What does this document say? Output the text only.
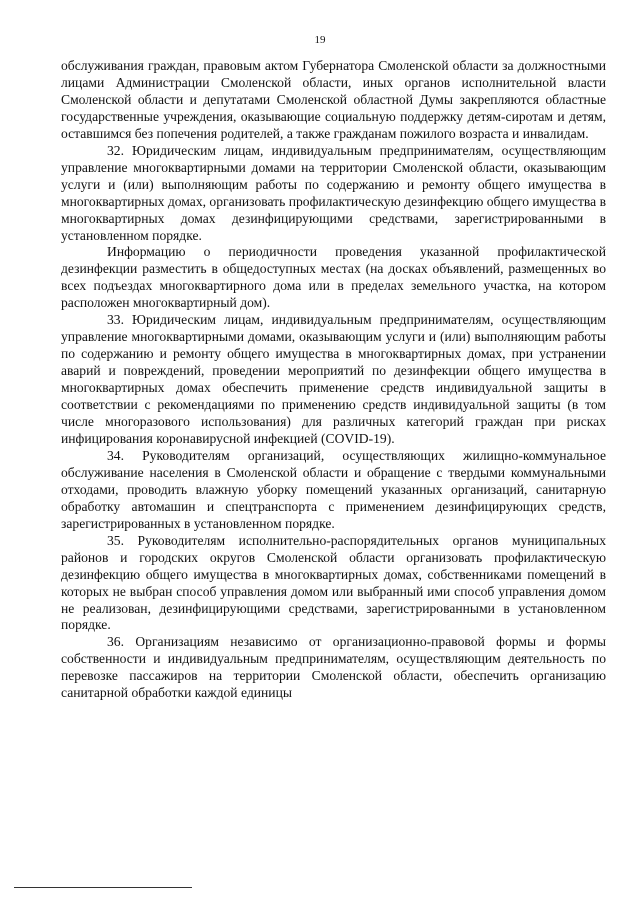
19

обслуживания граждан, правовым актом Губернатора Смоленской области за должностными лицами Администрации Смоленской области, иных органов исполнительной власти Смоленской области и депутатами Смоленской областной Думы закрепляются областные государственные учреждения, оказывающие социальную поддержку детям-сиротам и детям, оставшимся без попечения родителей, а также гражданам пожилого возраста и инвалидам.

32. Юридическим лицам, индивидуальным предпринимателям, осуществляющим управление многоквартирными домами на территории Смоленской области, оказывающим услуги и (или) выполняющим работы по содержанию и ремонту общего имущества в многоквартирных домах, организовать профилактическую дезинфекцию общего имущества в многоквартирных домах дезинфицирующими средствами, зарегистрированными в установленном порядке.

Информацию о периодичности проведения указанной профилактической дезинфекции разместить в общедоступных местах (на досках объявлений, размещенных во всех подъездах многоквартирного дома или в пределах земельного участка, на котором расположен многоквартирный дом).

33. Юридическим лицам, индивидуальным предпринимателям, осуществляющим управление многоквартирными домами, оказывающим услуги и (или) выполняющим работы по содержанию и ремонту общего имущества в многоквартирных домах, при устранении аварий и повреждений, проведении мероприятий по дезинфекции общего имущества в многоквартирных домах обеспечить применение средств индивидуальной защиты в соответствии с рекомендациями по применению средств индивидуальной защиты (в том числе многоразового использования) для различных категорий граждан при рисках инфицирования коронавирусной инфекцией (COVID-19).

34. Руководителям организаций, осуществляющих жилищно-коммунальное обслуживание населения в Смоленской области и обращение с твердыми коммунальными отходами, проводить влажную уборку помещений указанных организаций, санитарную обработку автомашин и спецтранспорта с применением дезинфицирующих средств, зарегистрированных в установленном порядке.

35. Руководителям исполнительно-распорядительных органов муниципальных районов и городских округов Смоленской области организовать профилактическую дезинфекцию общего имущества в многоквартирных домах, собственниками помещений в которых не выбран способ управления домом или выбранный ими способ управления домом не реализован, дезинфицирующими средствами, зарегистрированными в установленном порядке.

36. Организациям независимо от организационно-правовой формы и формы собственности и индивидуальным предпринимателям, осуществляющим деятельность по перевозке пассажиров на территории Смоленской области, обеспечить организацию санитарной обработки каждой единицы
